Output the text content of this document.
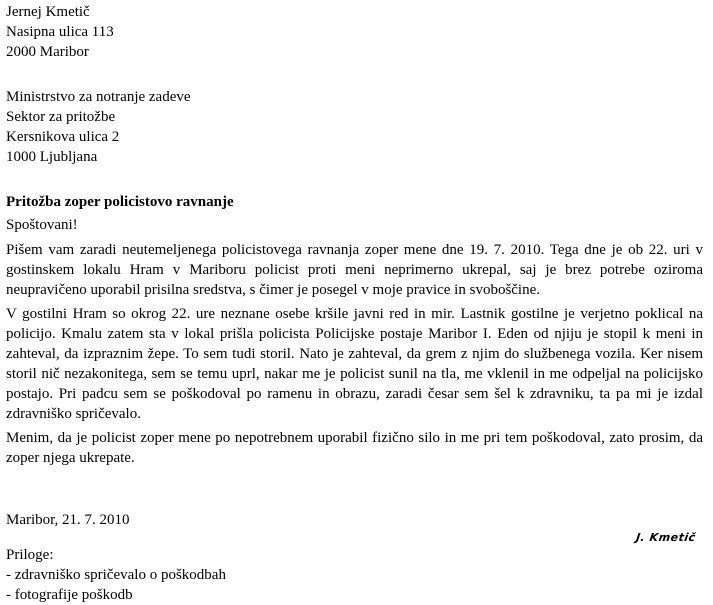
Jernej Kmetič

Nasipna ulica 113

2000 Maribor

Ministrstvo za notranje zadeve

Sektor za pritožbe

Kersnikova ulica 2

1000 Ljubljana

Pritožba zoper policistovo ravnanje

Spoštovani!

Pišem vam zaradi neutemeljenega policistovega ravnanja zoper mene dne 19. 7. 2010. Tega dne je ob 22. uri v gostinskem lokalu Hram v Mariboru policist proti meni neprimerno ukrepal, saj je brez potrebe oziroma neupravičeno uporabil prisilna sredstva, s čimer je posegel v moje pravice in svoboščine.

V gostilni Hram so okrog 22. ure neznane osebe kršile javni red in mir. Lastnik gostilne je verjetno poklical na policijo. Kmalu zatem sta v lokal prišla policista Policijske postaje Maribor I. Eden od njiju je stopil k meni in zahteval, da izpraznim žepe. To sem tudi storil. Nato je zahteval, da grem z njim do službenega vozila. Ker nisem storil nič nezakonitega, sem se temu uprl, nakar me je policist sunil na tla, me vklenil in me odpeljal na policijsko postajo. Pri padcu sem se poškodoval po ramenu in obrazu, zaradi česar sem šel k zdravniku, ta pa mi je izdal zdravniško spričevalo.

Menim, da je policist zoper mene po nepotrebnem uporabil fizično silo in me pri tem poškodoval, zato prosim, da zoper njega ukrepate.

Maribor, 21. 7. 2010

J. Kmetič

Priloge:

- zdravniško spričevalo o poškodbah
- fotografije poškodb
